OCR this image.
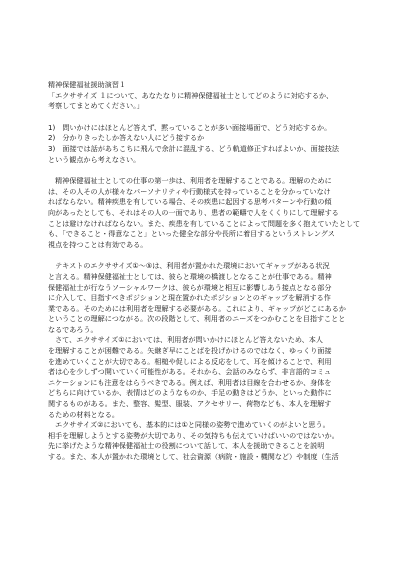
精神保健福祉援助演習１
「エクササイズ １について、あなたなりに精神保健福祉士としてどのように対応するか、
考察してまとめてください。」
1)　問いかけにはほとんど答えず、黙っていることが多い面接場面で、どう対応するか。
2)　分かりきったしか答えない人にどう接するか
3)　面接では話があちこちに飛んで余計に混乱する、どう軌道修正すればよいか、面接技法
という観点から考えなさい。
　精神保健福祉士としての仕事の第一歩は、利用者を理解することである。理解のために
は、その人その人が様々なパーソナリティや行動様式を持っていることを分かっていなけ
ればならない。精神疾患を有している場合、その疾患に起因する思考パターンや行動の傾
向があったとしても、それはその人の一面であり、患者の範疇で人をくくりにして理解する
ことは避けなければならない。また、疾患を有していることによって問題を多く抱えていたとして
も、「できること・得意なこと」といった健全な部分や長所に着目するというストレングス
視点を持つことは有効である。
　テキストのエクササイズ①〜⑤は、利用者が置かれた環境においてギャップがある状況
と言える。精神保健福祉士としては、彼らと環境の橋渡しとなることが仕事である。精神
保健福祉士が行なうソーシャルワークは、彼らが環境と相互に影響しあう接点となる部分
に介入して、目指すべきポジションと現在置かれたポジションとのギャップを解消する作
業である。そのためには利用者を理解する必要がある。これにより、ギャップがどこにあるか
ということの理解につながる。次の段階として、利用者のニーズをつかむことを目指すことと
なるであろう。
　さて、エクササイズ①においては、利用者が問いかけにほとんど答えないため、本人
を理解することが困難である。矢継ぎ早にことばを投げかけるのではなく、ゆっくり面接
を進めていくことが大切である。相槌や促しによる反応をして、耳を傾けることで、利用
者は心を少しずつ開いていく可能性がある。それから、会話のみならず、非言語的コミュ
ニケーションにも注意をはらうべきである。例えば、利用者は目線を合わせるか、身体を
どちらに向けているか、表情はどのようなものか、手足の動きはどうか、といった動作に
関するものがある。また、整容、髪型、服装、アクセサリー、荷物なども、本人を理解す
るための材料となる。
　エクササイズ②においても、基本的には①と同様の姿勢で進めていくのがよいと思う。
相手を理解しようとする姿勢が大切であり、その気持ちも伝えていけばいいのではないか。
先に挙げたような精神保健福祉士の役割について話して、本人を援助できることを説明
する。また、本人が置かれた環境として、社会資源（病院・施設・機関など）や制度（生活
